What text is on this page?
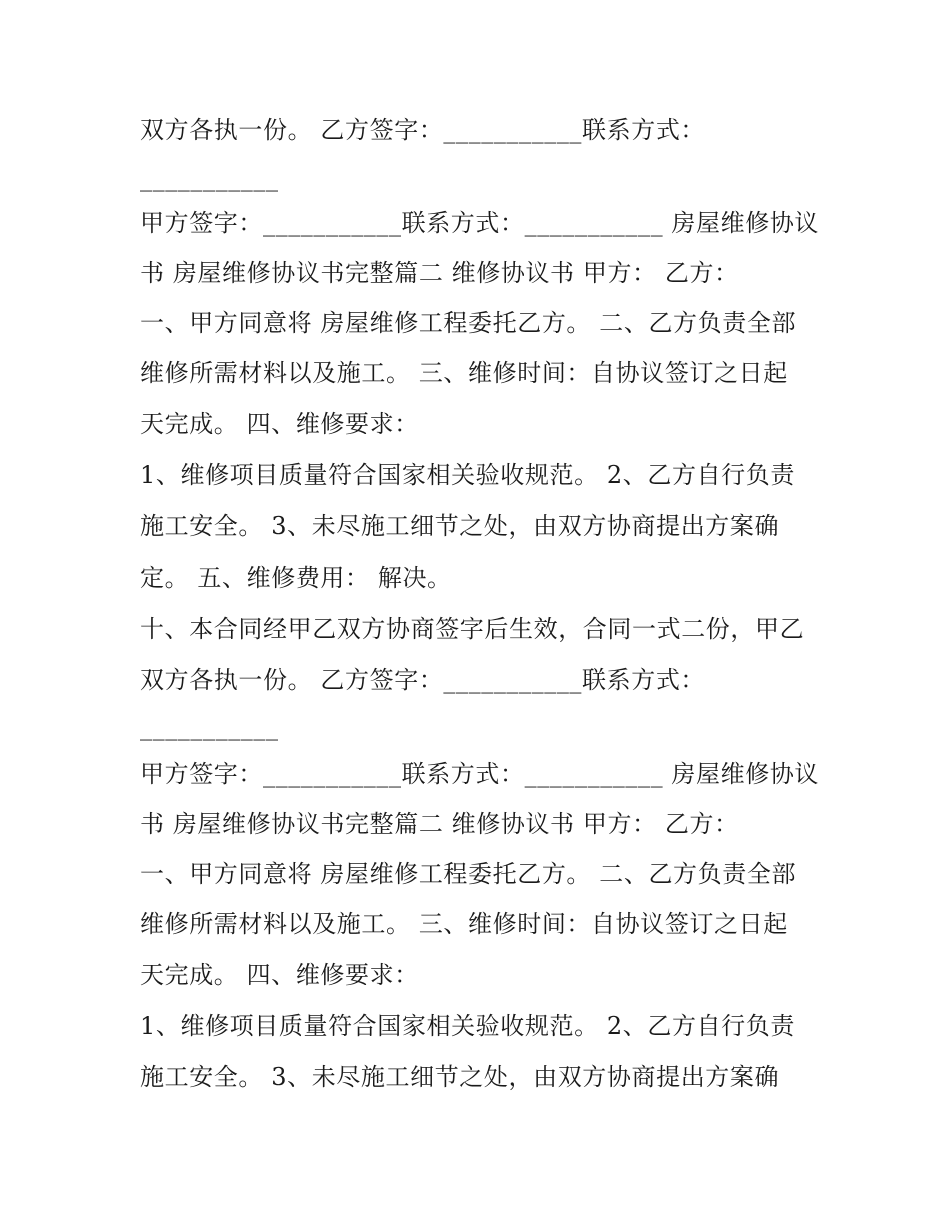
双方各执一份。 乙方签字：___________联系方式：
___________
甲方签字：___________联系方式：___________ 房屋维修协议
书 房屋维修协议书完整篇二 维修协议书 甲方： 乙方：
一、甲方同意将 房屋维修工程委托乙方。 二、乙方负责全部
维修所需材料以及施工。 三、维修时间：自协议签订之日起
天完成。 四、维修要求：
1、维修项目质量符合国家相关验收规范。 2、乙方自行负责
施工安全。 3、未尽施工细节之处，由双方协商提出方案确
定。 五、维修费用： 解决。
十、本合同经甲乙双方协商签字后生效，合同一式二份，甲乙
双方各执一份。 乙方签字：___________联系方式：
___________
甲方签字：___________联系方式：___________ 房屋维修协议
书 房屋维修协议书完整篇二 维修协议书 甲方： 乙方：
一、甲方同意将 房屋维修工程委托乙方。 二、乙方负责全部
维修所需材料以及施工。 三、维修时间：自协议签订之日起
天完成。 四、维修要求：
1、维修项目质量符合国家相关验收规范。 2、乙方自行负责
施工安全。 3、未尽施工细节之处，由双方协商提出方案确
